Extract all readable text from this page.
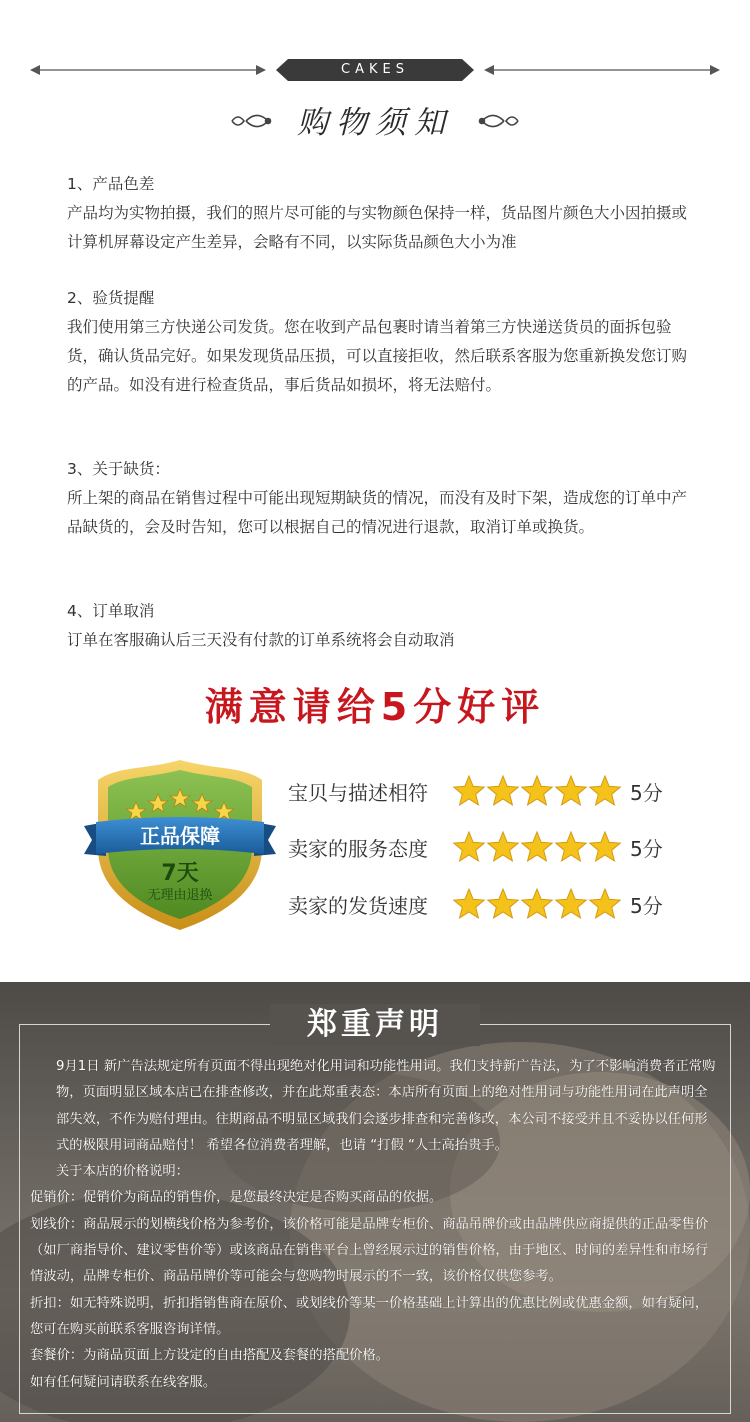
CAKES
购物须知
1、产品色差
产品均为实物拍摄，我们的照片尽可能的与实物颜色保持一样，货品图片颜色大小因拍摄或计算机屏幕设定产生差异，会略有不同，以实际货品颜色大小为准
2、验货提醒
我们使用第三方快递公司发货。您在收到产品包裹时请当着第三方快递送货员的面拆包验货，确认货品完好。如果发现货品压损，可以直接拒收，然后联系客服为您重新换发您订购的产品。如没有进行检查货品，事后货品如损坏，将无法赔付。
3、关于缺货：
所上架的商品在销售过程中可能出现短期缺货的情况，而没有及时下架，造成您的订单中产品缺货的，会及时告知，您可以根据自己的情况进行退款，取消订单或换货。
4、订单取消
订单在客服确认后三天没有付款的订单系统将会自动取消
满意请给5分好评
正品保障
7天
无理由退换
宝贝与描述相符	5分
卖家的服务态度	5分
卖家的发货速度	5分
郑重声明

9月1日 新广告法规定所有页面不得出现绝对化用词和功能性用词。我们支持新广告法，为了不影响消费者正常购物，页面明显区域本店已在排查修改，并在此郑重表态：本店所有页面上的绝对性用词与功能性用词在此声明全部失效，不作为赔付理由。往期商品不明显区域我们会逐步排查和完善修改，本公司不接受并且不妥协以任何形式的极限用词商品赔付！ 希望各位消费者理解，也请 “打假 “人士高抬贵手。

关于本店的价格说明：

促销价：促销价为商品的销售价，是您最终决定是否购买商品的依据。

划线价：商品展示的划横线价格为参考价，该价格可能是品牌专柜价、商品吊牌价或由品牌供应商提供的正品零售价（如厂商指导价、建议零售价等）或该商品在销售平台上曾经展示过的销售价格，由于地区、时间的差异性和市场行情波动，品牌专柜价、商品吊牌价等可能会与您购物时展示的不一致，该价格仅供您参考。

折扣：如无特殊说明，折扣指销售商在原价、或划线价等某一价格基础上计算出的优惠比例或优惠金额，如有疑问，您可在购买前联系客服咨询详情。

套餐价：为商品页面上方设定的自由搭配及套餐的搭配价格。

如有任何疑问请联系在线客服。
